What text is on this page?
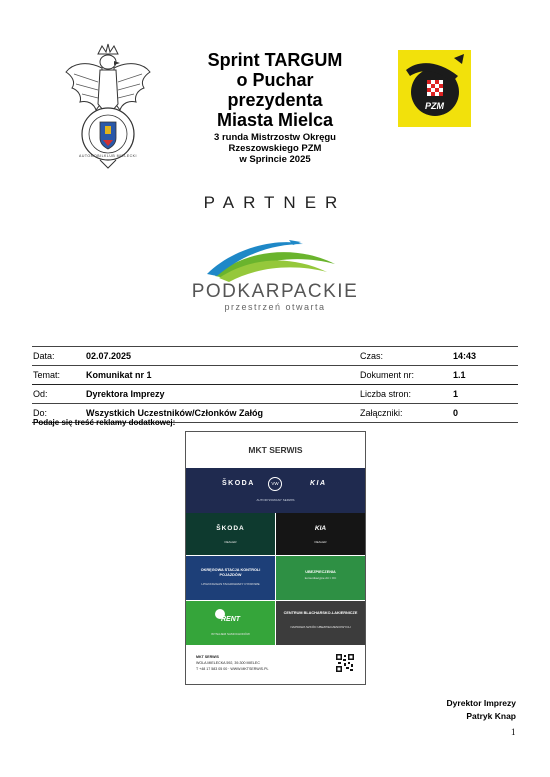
AUTOMOBILKLUB MIELECKI
Sprint TARGUM
o Puchar
prezydenta
Miasta Mielca
3 runda Mistrzostw Okręgu
Rzeszowskiego PZM
w Sprincie 2025
PZM
PARTNER
PODKARPACKIE
przestrzeń otwarta
Data:	02.07.2025	Czas:	14:43
Temat:	Komunikat nr 1	Dokument nr:	1.1
Od:	Dyrektora Imprezy	Liczba stron:	1
Do:	Wszystkich Uczestników/Członków Załóg	Załączniki:	0
Podaje się treść reklamy dodatkowej:
MKT SERWIS
ŠKODA	VW	KIA
AUTORYZOWANY SERWIS
ŠKODA
DEALER
KIA
DEALER
OKRĘGOWA STACJA KONTROLI POJAZDÓW
LPG/CNG/GAS TACHOGRAFY CYFROWE
UBEZPIECZENIA
komunikacyjne AC i OC
RENT
WYNAJEM SAMOCHODÓW
CENTRUM BLACHARSKO-LAKIERNICZE
NAPRAWA SZKÓD UBEZPIECZENIOWYCH
MKT SERWIS
WOLA MIELECKA 592, 39-300 MIELEC
T +48 17 583 05 00 · WWW.MKTSERWIS.PL
Dyrektor Imprezy
Patryk Knap
1
